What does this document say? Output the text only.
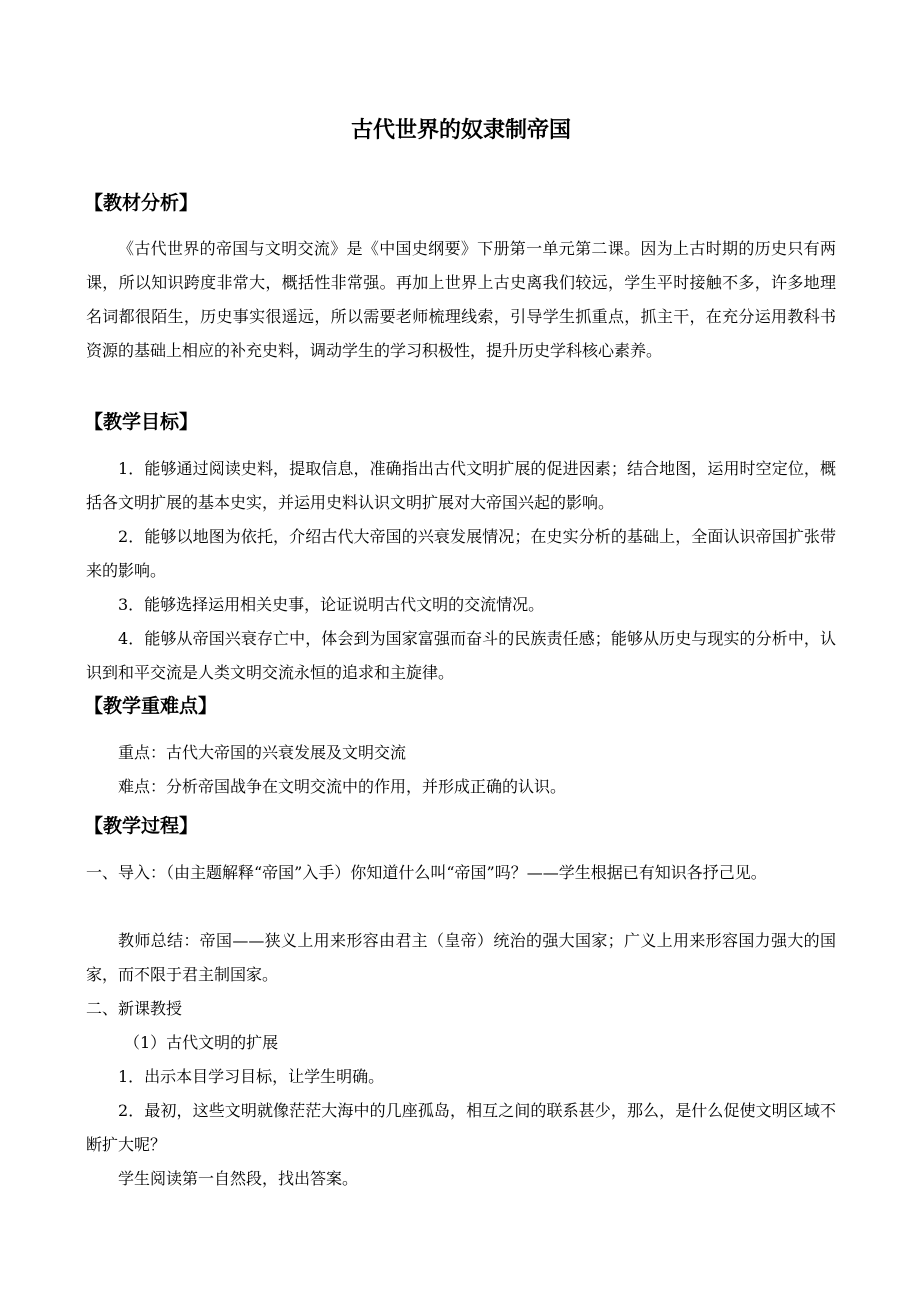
古代世界的奴隶制帝国
【教材分析】

《古代世界的帝国与文明交流》是《中国史纲要》下册第一单元第二课。因为上古时期的历史只有两课，所以知识跨度非常大，概括性非常强。再加上世界上古史离我们较远，学生平时接触不多，许多地理名词都很陌生，历史事实很遥远，所以需要老师梳理线索，引导学生抓重点，抓主干，在充分运用教科书资源的基础上相应的补充史料，调动学生的学习积极性，提升历史学科核心素养。

【教学目标】

1．能够通过阅读史料，提取信息，准确指出古代文明扩展的促进因素；结合地图，运用时空定位，概括各文明扩展的基本史实，并运用史料认识文明扩展对大帝国兴起的影响。

2．能够以地图为依托，介绍古代大帝国的兴衰发展情况；在史实分析的基础上，全面认识帝国扩张带来的影响。

3．能够选择运用相关史事，论证说明古代文明的交流情况。

4．能够从帝国兴衰存亡中，体会到为国家富强而奋斗的民族责任感；能够从历史与现实的分析中，认识到和平交流是人类文明交流永恒的追求和主旋律。

【教学重难点】

重点：古代大帝国的兴衰发展及文明交流

难点：分析帝国战争在文明交流中的作用，并形成正确的认识。

【教学过程】

一、导入：（由主题解释“帝国”入手）你知道什么叫“帝国”吗？——学生根据已有知识各抒己见。

教师总结：帝国——狭义上用来形容由君主（皇帝）统治的强大国家；广义上用来形容国力强大的国家，而不限于君主制国家。

二、新课教授

（1）古代文明的扩展

1．出示本目学习目标，让学生明确。

2．最初，这些文明就像茫茫大海中的几座孤岛，相互之间的联系甚少，那么，是什么促使文明区域不断扩大呢？

学生阅读第一自然段，找出答案。
